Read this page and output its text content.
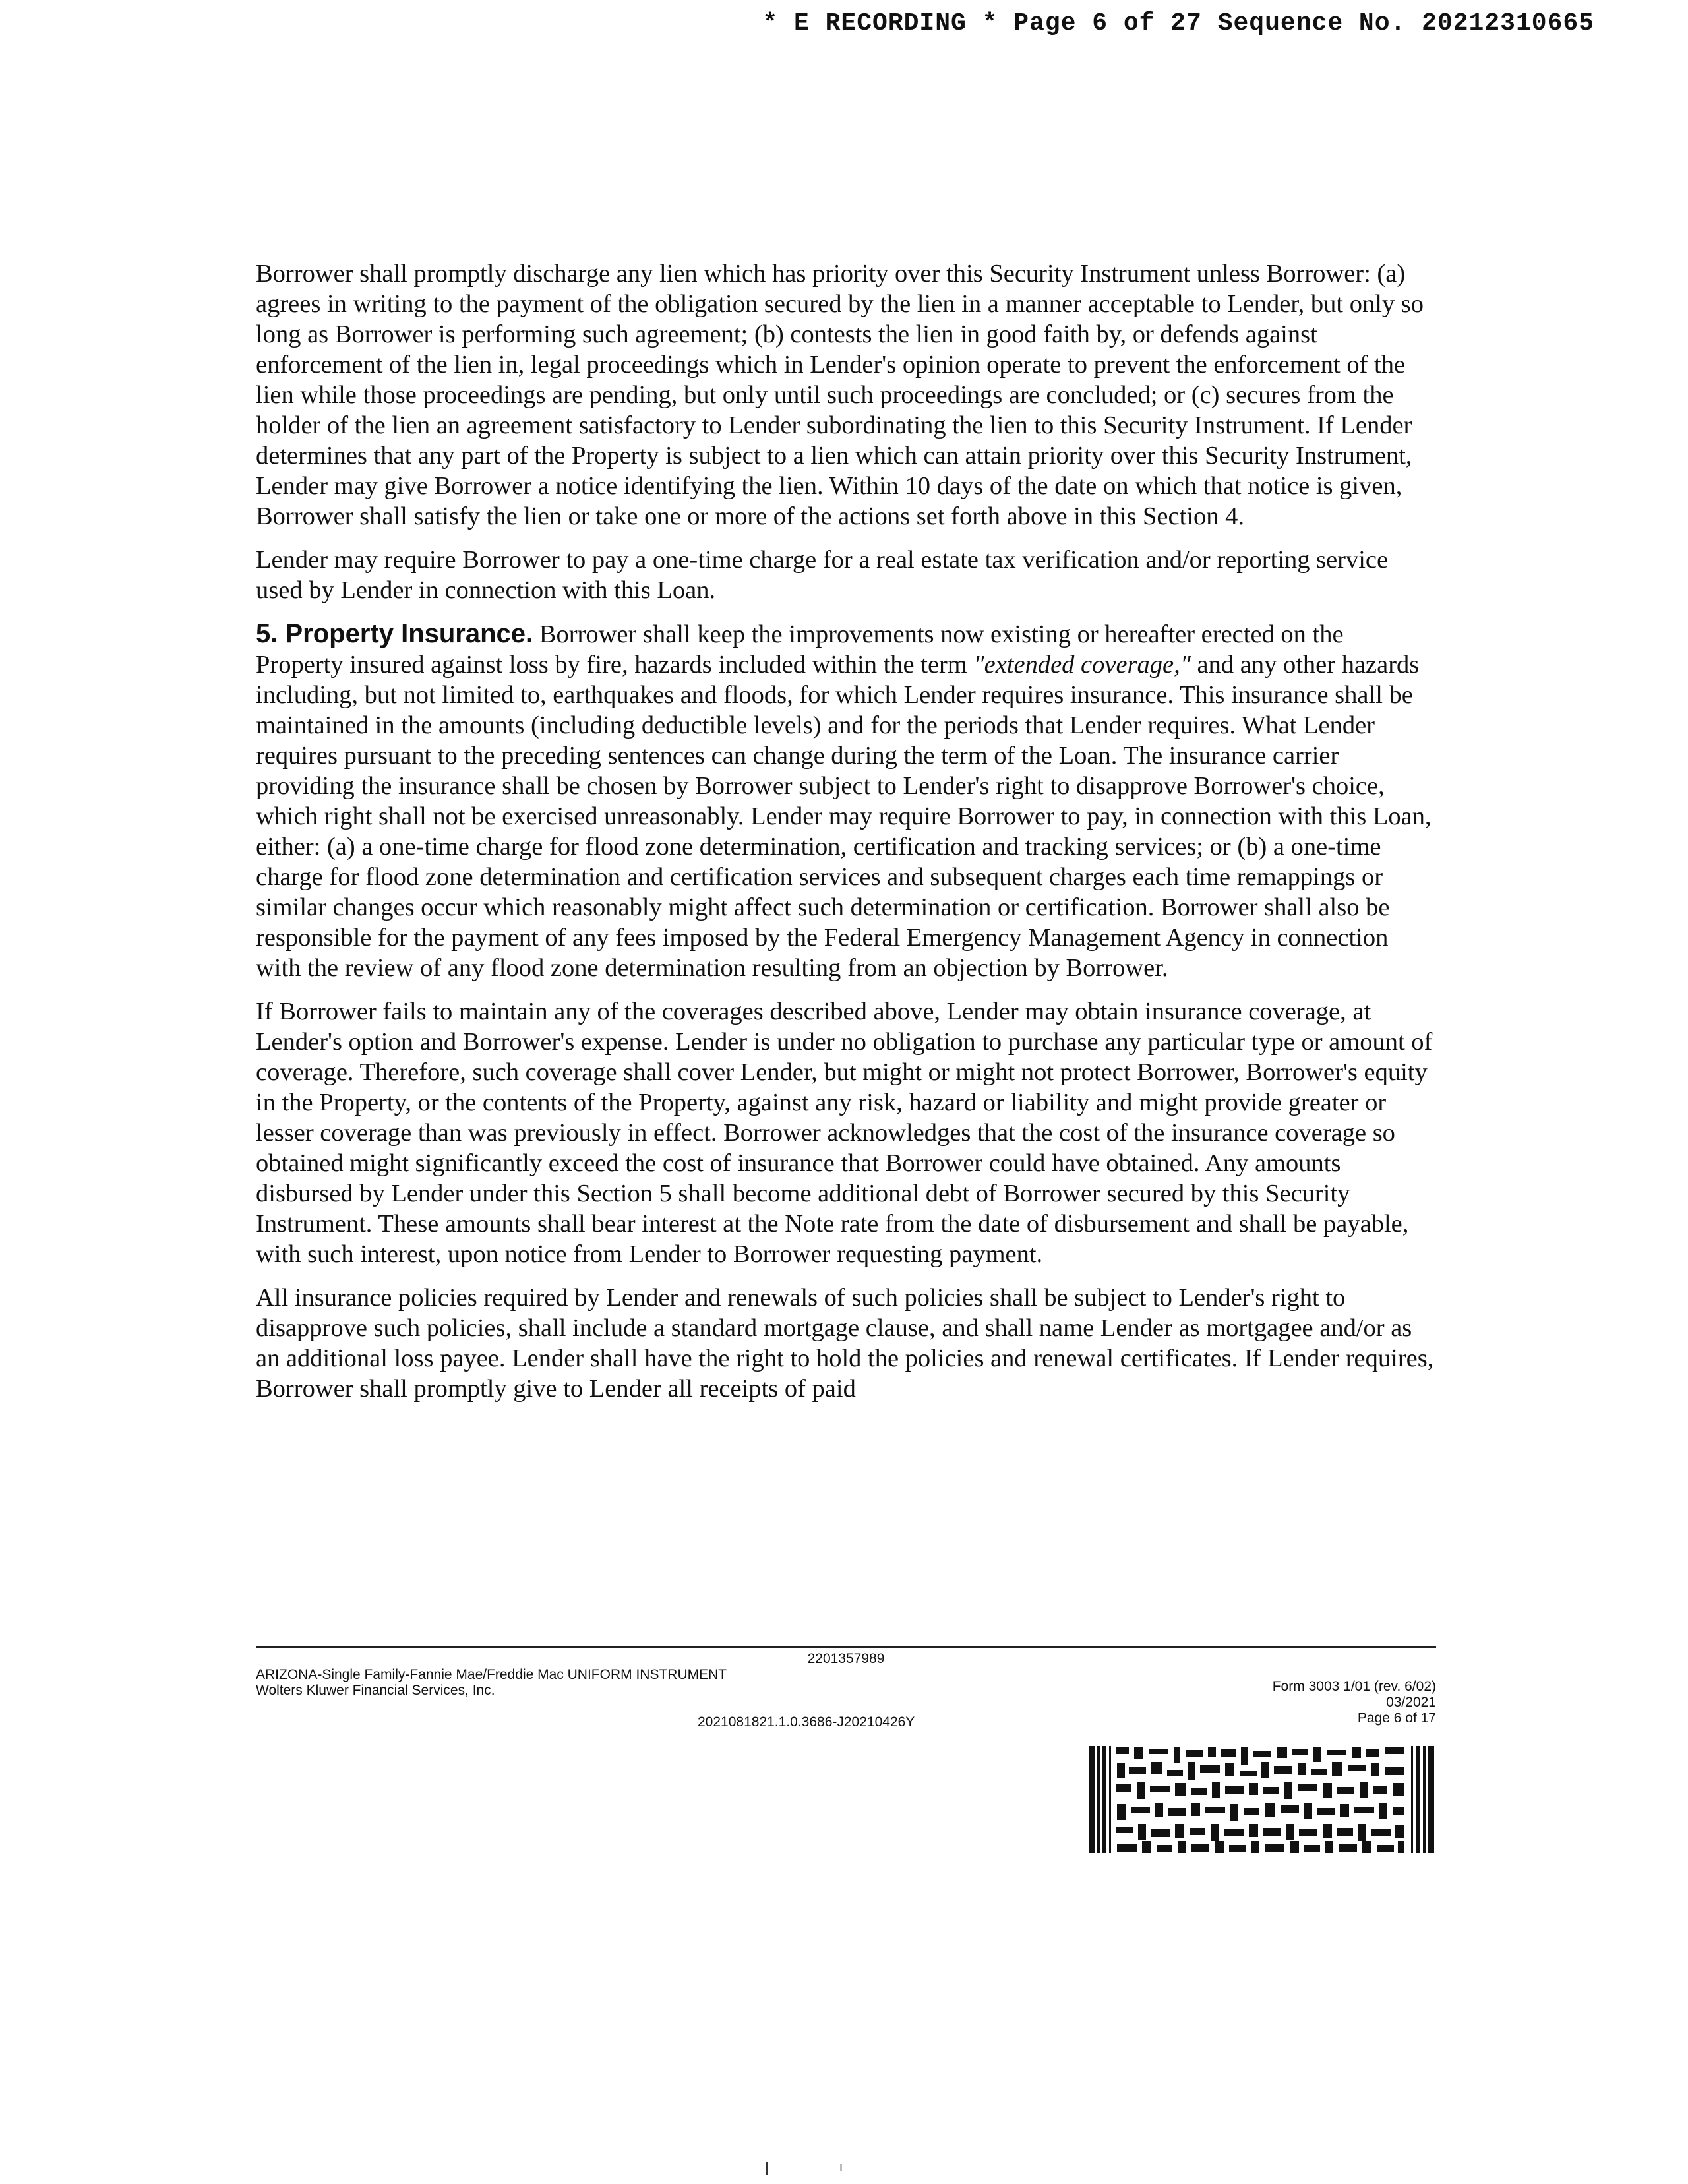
* E RECORDING * Page 6 of 27 Sequence No. 20212310665

Borrower shall promptly discharge any lien which has priority over this Security Instrument unless Borrower: (a) agrees in writing to the payment of the obligation secured by the lien in a manner acceptable to Lender, but only so long as Borrower is performing such agreement; (b) contests the lien in good faith by, or defends against enforcement of the lien in, legal proceedings which in Lender's opinion operate to prevent the enforcement of the lien while those proceedings are pending, but only until such proceedings are concluded; or (c) secures from the holder of the lien an agreement satisfactory to Lender subordinating the lien to this Security Instrument. If Lender determines that any part of the Property is subject to a lien which can attain priority over this Security Instrument, Lender may give Borrower a notice identifying the lien. Within 10 days of the date on which that notice is given, Borrower shall satisfy the lien or take one or more of the actions set forth above in this Section 4.

Lender may require Borrower to pay a one-time charge for a real estate tax verification and/or reporting service used by Lender in connection with this Loan.

5. Property Insurance. Borrower shall keep the improvements now existing or hereafter erected on the Property insured against loss by fire, hazards included within the term "extended coverage," and any other hazards including, but not limited to, earthquakes and floods, for which Lender requires insurance. This insurance shall be maintained in the amounts (including deductible levels) and for the periods that Lender requires. What Lender requires pursuant to the preceding sentences can change during the term of the Loan. The insurance carrier providing the insurance shall be chosen by Borrower subject to Lender's right to disapprove Borrower's choice, which right shall not be exercised unreasonably. Lender may require Borrower to pay, in connection with this Loan, either: (a) a one-time charge for flood zone determination, certification and tracking services; or (b) a one-time charge for flood zone determination and certification services and subsequent charges each time remappings or similar changes occur which reasonably might affect such determination or certification. Borrower shall also be responsible for the payment of any fees imposed by the Federal Emergency Management Agency in connection with the review of any flood zone determination resulting from an objection by Borrower.

If Borrower fails to maintain any of the coverages described above, Lender may obtain insurance coverage, at Lender's option and Borrower's expense. Lender is under no obligation to purchase any particular type or amount of coverage. Therefore, such coverage shall cover Lender, but might or might not protect Borrower, Borrower's equity in the Property, or the contents of the Property, against any risk, hazard or liability and might provide greater or lesser coverage than was previously in effect. Borrower acknowledges that the cost of the insurance coverage so obtained might significantly exceed the cost of insurance that Borrower could have obtained. Any amounts disbursed by Lender under this Section 5 shall become additional debt of Borrower secured by this Security Instrument. These amounts shall bear interest at the Note rate from the date of disbursement and shall be payable, with such interest, upon notice from Lender to Borrower requesting payment.

All insurance policies required by Lender and renewals of such policies shall be subject to Lender's right to disapprove such policies, shall include a standard mortgage clause, and shall name Lender as mortgagee and/or as an additional loss payee. Lender shall have the right to hold the policies and renewal certificates. If Lender requires, Borrower shall promptly give to Lender all receipts of paid

2201357989
ARIZONA-Single Family-Fannie Mae/Freddie Mac UNIFORM INSTRUMENT
Wolters Kluwer Financial Services, Inc.	Form 3003 1/01 (rev. 6/02)
03/2021
Page 6 of 17
2021081821.1.0.3686-J20210426Y
